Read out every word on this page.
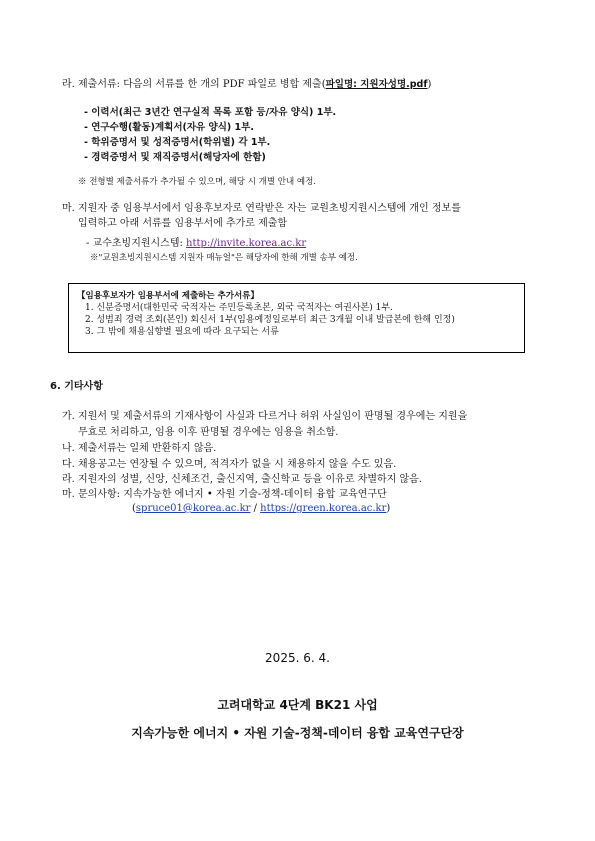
라. 제출서류: 다음의 서류를 한 개의 PDF 파일로 병합 제출(파일명: 지원자성명.pdf)
- 이력서(최근 3년간 연구실적 목록 포함 등/자유 양식) 1부.
- 연구수행(활동)계획서(자유 양식) 1부.
- 학위증명서 및 성적증명서(학위별) 각 1부.
- 경력증명서 및 재직증명서(해당자에 한함)
※ 전형별 제출서류가 추가될 수 있으며, 해당 시 개별 안내 예정.
마. 지원자 중 임용부서에서 임용후보자로 연락받은 자는 교원초빙지원시스템에 개인 정보를
입력하고 아래 서류를 임용부서에 추가로 제출함
- 교수초빙지원시스템: http://invite.korea.ac.kr
※"교원초빙지원시스템 지원자 매뉴얼"은 해당자에 한해 개별 송부 예정.
【임용후보자가 임용부서에 제출하는 추가서류】
1. 신분증명서(대한민국 국적자는 주민등록초본, 외국 국적자는 여권사본) 1부.
2. 성범죄 경력 조회(본인) 회신서 1부(임용예정일로부터 최근 3개월 이내 발급본에 한해 인정)
3. 그 밖에 채용심향별 필요에 따라 요구되는 서류
6. 기타사항
가. 지원서 및 제출서류의 기재사항이 사실과 다르거나 허위 사실임이 판명될 경우에는 지원을
무효로 처리하고, 임용 이후 판명될 경우에는 임용을 취소함.
나. 제출서류는 일체 반환하지 않음.
다. 채용공고는 연장될 수 있으며, 적격자가 없을 시 채용하지 않을 수도 있음.
라. 지원자의 성별, 신앙, 신체조건, 출신지역, 출신학교 등을 이유로 차별하지 않음.
마. 문의사항: 지속가능한 에너지 • 자원 기술-정책-데이터 융합 교육연구단
(spruce01@korea.ac.kr / https://green.korea.ac.kr)
2025. 6. 4.
고려대학교 4단계 BK21 사업
지속가능한 에너지 • 자원 기술-정책-데이터 융합 교육연구단장
